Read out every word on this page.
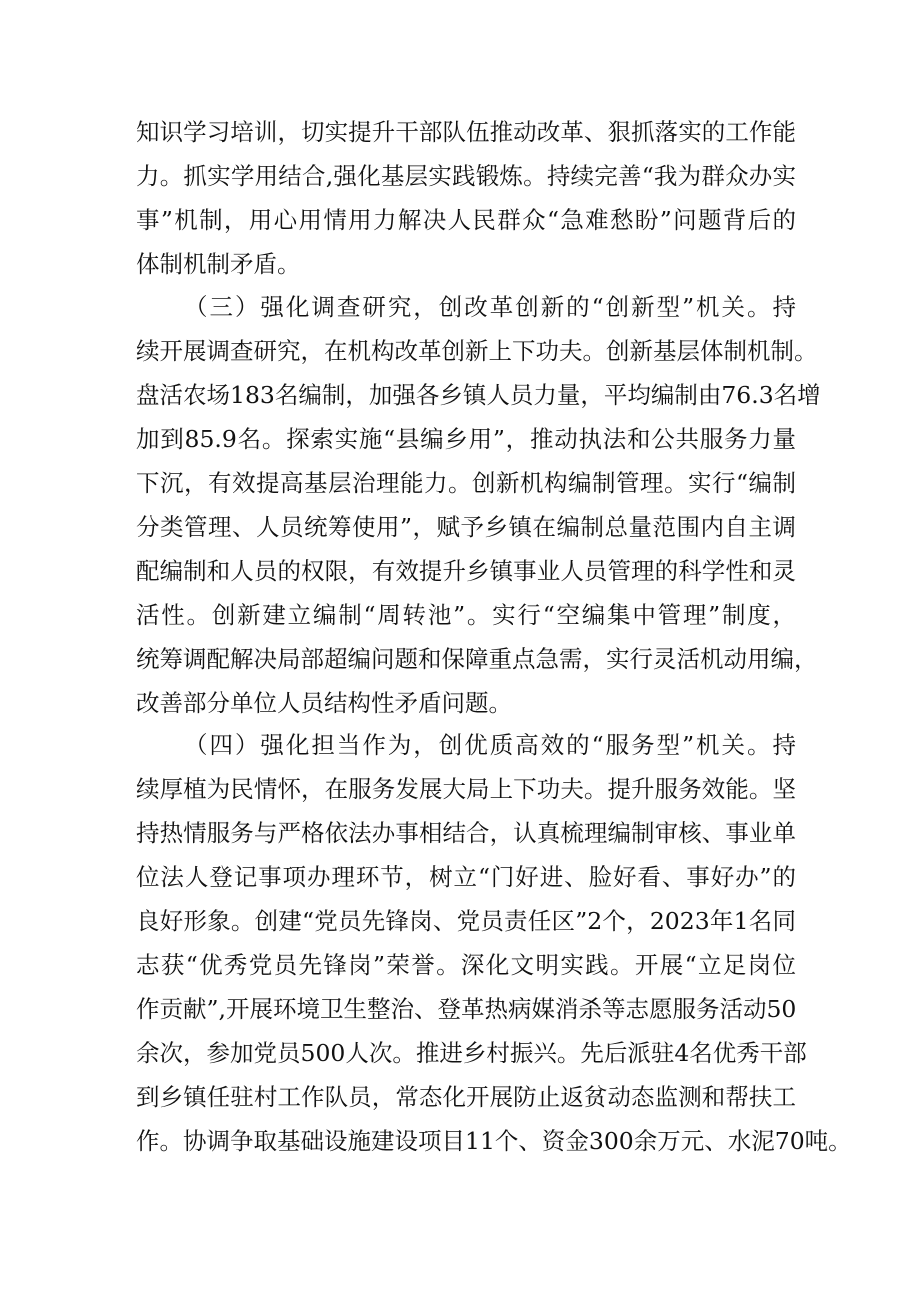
知识学习培训，切实提升干部队伍推动改革、狠抓落实的工作能
力。抓实学用结合,强化基层实践锻炼。持续完善“我为群众办实
事”机制，用心用情用力解决人民群众“急难愁盼”问题背后的
体制机制矛盾。
（三）强化调查研究，创改革创新的“创新型”机关。持
续开展调查研究，在机构改革创新上下功夫。创新基层体制机制。
盘活农场183名编制，加强各乡镇人员力量，平均编制由76.3名增
加到85.9名。探索实施“县编乡用”，推动执法和公共服务力量
下沉，有效提高基层治理能力。创新机构编制管理。实行“编制
分类管理、人员统筹使用”，赋予乡镇在编制总量范围内自主调
配编制和人员的权限，有效提升乡镇事业人员管理的科学性和灵
活性。创新建立编制“周转池”。实行“空编集中管理”制度，
统筹调配解决局部超编问题和保障重点急需，实行灵活机动用编，
改善部分单位人员结构性矛盾问题。
（四）强化担当作为，创优质高效的“服务型”机关。持
续厚植为民情怀，在服务发展大局上下功夫。提升服务效能。坚
持热情服务与严格依法办事相结合，认真梳理编制审核、事业单
位法人登记事项办理环节，树立“门好进、脸好看、事好办”的
良好形象。创建“党员先锋岗、党员责任区”2个，2023年1名同
志获“优秀党员先锋岗”荣誉。深化文明实践。开展“立足岗位
作贡献”,开展环境卫生整治、登革热病媒消杀等志愿服务活动50
余次，参加党员500人次。推进乡村振兴。先后派驻4名优秀干部
到乡镇任驻村工作队员，常态化开展防止返贫动态监测和帮扶工
作。协调争取基础设施建设项目11个、资金300余万元、水泥70吨。
